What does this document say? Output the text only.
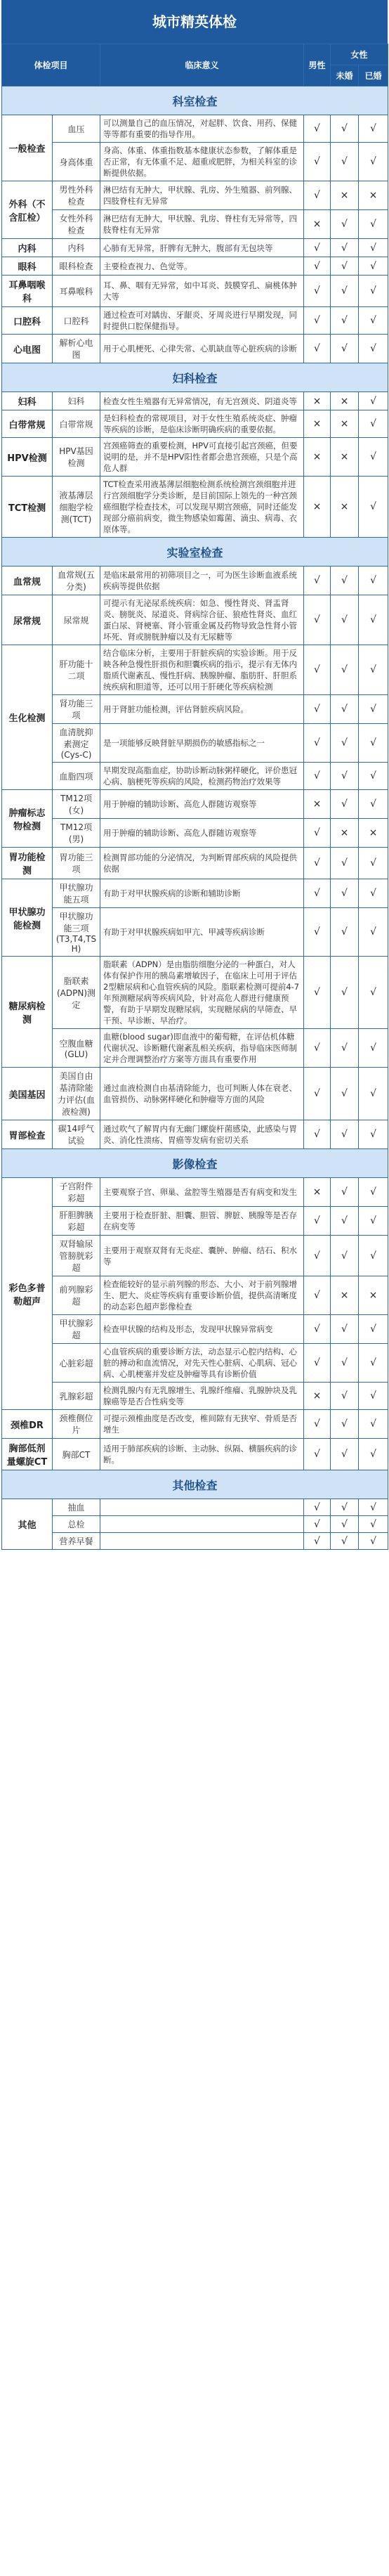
城市精英体检
体检项目		临床意义	男性	女性	
				未婚	已婚
科室检查					
一般检查	血压	可以测量自己的血压情况，对起胖、饮食、用药、保健等等都有重要的指导作用。	√	√	√
	身高体重	身高、体重、体重指数基本健康状态参数，了解体重是否正常，有无体重不足、超重或肥胖，为相关科室的诊断提供依据。	√	√	√
外科（不含肛检）	男性外科检查	淋巴结有无肿大，甲状腺、乳房、外生殖器、前列腺、四肢脊柱有无异常	√	×	×
	女性外科检查	淋巴结有无肿大，甲状腺、乳房、脊柱有无异常等，四肢脊柱有无异常	×	√	√
内科	内科	心肺有无异常，肝脾有无肿大，腹部有无包块等	√	√	√
眼科	眼科检查	主要检查视力、色觉等。	√	√	√
耳鼻咽喉科	耳鼻喉科	耳、鼻、咽有无异常，如中耳炎、鼓膜穿孔、扁桃体肿大等	√	√	√
口腔科	口腔科	通过检查可对龋齿、牙龈炎、牙周炎进行早期发现，同时提供口腔保健指导。	√	√	√
心电图	解析心电图	用于心肌梗死、心律失常、心肌缺血等心脏疾病的诊断	√	√	√
妇科检查					
妇科	妇科	检查女性生殖器有无异常情况，有无宫颈炎、阴道炎等	×	×	√
白带常规	白带常规	是妇科检查的常规项目，对于女性生殖系统炎症、肿瘤等疾病的诊断，是临床诊断明确疾病的重要依据。	×	×	√
HPV检测	HPV基因检测	宫颈癌筛查的重要检测，HPV可直接引起宫颈癌，但要说明的是，并不是HPV阳性者都会患宫颈癌，只是个高危人群	×	×	√
TCT检测	液基薄层细胞学检测(TCT)	TCT检查采用液基薄层细胞检测系统检测宫颈细胞并进行宫颈细胞学分类诊断，是目前国际上领先的一种宫颈癌细胞学检查技术，可以发现早期宫颈癌，同时还能发现部分癌前病变，微生物感染如霉菌、滴虫、病毒、衣原体等。	×	×	√
实验室检查					
血常规	血常规(五分类)	是临床最常用的初筛项目之一，可为医生诊断血液系统疾病等提供依据	√	√	√
尿常规	尿常规	可提示有无泌尿系统疾病：如急、慢性肾炎、肾盂肾炎、膀胱炎、尿道炎、肾病综合征、狼疮性肾炎、血红蛋白尿、肾梗塞、肾小管重金属及药物导致急性肾小管坏死、肾或膀胱肿瘤以及有无尿糖等	√	√	√
生化检测	肝功能十二项	结合临床分析，主要用于肝脏疾病的实验诊断。用于反映各种急慢性肝损伤和胆囊疾病的指示，提示有无体内脂质代谢紊乱、慢性肝病、胰腺肿瘤、脂肪肝、肝胆系统疾病和胆道等，还可以用于肝硬化等疾病检测	√	√	√
	肾功能三项	用于肾脏功能检测，评估肾脏疾病风险。	√	√	√
	血清胱抑素测定(Cys-C)	是一项能够反映肾脏早期损伤的敏感指标之一	√	√	√
	血脂四项	早期发现高脂血症，协助诊断动脉粥样硬化，评价患冠心病、脑梗死等疾病的风险，检测药物治疗效果等	√	√	√
肿瘤标志物检测	TM12项(女)	用于肿瘤的辅助诊断、高危人群随访观察等	×	√	√
	TM12项(男)	用于肿瘤的辅助诊断、高危人群随访观察等	√	×	×
胃功能检测	胃功能三项	检测胃部功能的分泌情况，为判断胃部疾病的风险提供依据	√	√	√
甲状腺功能检测	甲状腺功能五项	有助于对甲状腺疾病的诊断和辅助诊断	√	√	√
	甲状腺功能三项(T3,T4,TSH)	有助于对甲状腺疾病如甲亢、甲减等疾病诊断	√	√	√
糖尿病检测	脂联素(ADPN)测定	脂联素（ADPN）是由脂肪细胞分泌的一种蛋白，对人体有保护作用的胰岛素增敏因子，在临床上可用于评估2型糖尿病和心血管疾病的风险。脂联素检测可提前4-7年预测糖尿病等疾病风险，针对高危人群进行健康预警，有助于早期发现糖尿病，实现糖尿病的早筛查、早干预、早诊断、早治疗。	√	√	√
	空腹血糖(GLU)	血糖(blood sugar)即血液中的葡萄糖，在评估机体糖代谢状况、诊断糖代谢紊乱相关疾病，指导临床医师制定并合理调整治疗方案等方面具有重要作用	√	√	√
美国基因	美国自由基清除能力评估(血液检测)	通过血液检测自由基清除能力，也可判断人体在衰老、血管损伤、动脉粥样硬化和肿瘤等方面的风险	√	√	√
胃部检查	碳14呼气试验	通过吹气了解胃内有无幽门螺旋杆菌感染，此感染与胃炎、消化性溃疡、胃癌等发病有密切关系	√	√	√
影像检查					
彩色多普勒超声	子宫附件彩超	主要观察子宫、卵巢、盆腔等生殖器是否有病变和发生	×	√	√
	肝胆脾胰彩超	主要用于检查肝脏、胆囊、胆管、脾脏、胰腺等是否存在病变等	√	√	√
	双肾输尿管膀胱彩超	主要用于观察双肾有无炎症、囊肿、肿瘤、结石、积水等	√	√	√
	前列腺彩超	检查能较好的显示前列腺的形态、大小、对于前列腺增生、肥大、炎症等疾病有重要诊断价值，提供高清晰度的动态彩色超声影像检查	√	×	×
	甲状腺彩超	检查甲状腺的结构及形态，发现甲状腺异常病变	√	√	√
	心脏彩超	心血管疾病的重要诊断方法，动态显示心腔内结构、心脏的搏动和血流情况，对先天性心脏病、心肌病、冠心病、心肌梗塞并发症及肿瘤等具有诊断价值	√	√	√
	乳腺彩超	检测乳腺内有无乳腺增生、乳腺纤维瘤、乳腺肿块及乳腺癌等是否合性病变等	×	√	√
颈椎DR	颈椎侧位片	可提示颈椎曲度是否改变，椎间隙有无狭窄、骨质是否增生	√	√	√
胸部低剂量螺旋CT	胸部CT	适用于肺部疾病的诊断、主动脉、纵隔、横膈疾病的诊断。	√	√	√
其他检查					
其他	抽血		√	√	√
	总检		√	√	√
	营养早餐		√	√	√
